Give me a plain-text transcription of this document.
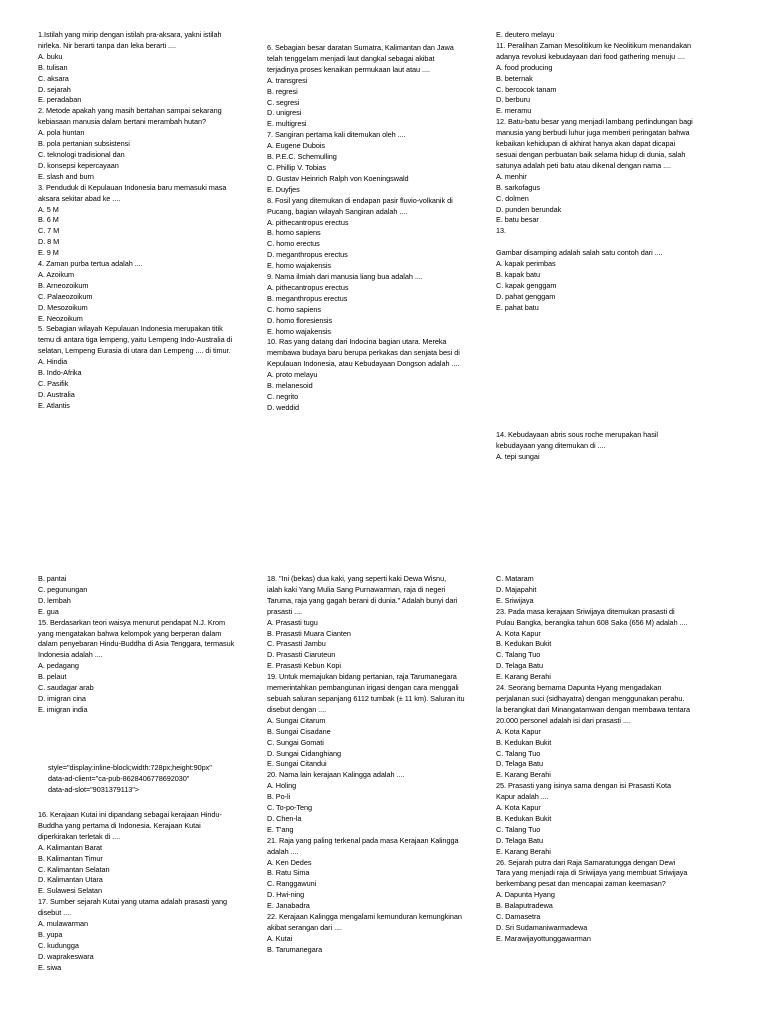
1.Istilah yang mirip dengan istilah pra-aksara, yakni istilah

nirleka. Nir berarti tanpa dan leka berarti ....

A. buku

B. tulisan

C. aksara

D. sejarah

E. peradaban

2. Metode apakah yang masih bertahan sampai sekarang

kebiasaan manusia dalam bertani merambah hutan?

A. pola huntan

B. pola pertanian subsistensi

C. teknologi tradisional dan

D. konsepsi kepercayaan

E. slash and burn

3. Penduduk di Kepulauan Indonesia baru memasuki masa

aksara sekitar abad ke ....

A. 5 M

B. 6 M

C. 7 M

D. 8 M

E. 9 M

4. Zaman purba tertua adalah ....

A. Azoikum

B. Arneozoikum

C. Palaeozoikum

D. Mesozoikum

E. Neozoikum

5. Sebagian wilayah Kepulauan Indonesia merupakan titik

temu di antara tiga lempeng, yaitu Lempeng Indo-Australia di

selatan, Lempeng Eurasia di utara dan Lempeng .... di timur.

A. Hindia

B. Indo-Afrika

C. Pasifik

D. Australia

E. Atlantis

6. Sebagian besar daratan Sumatra, Kalimantan dan Jawa

telah tenggelam menjadi laut dangkal sebagai akibat

terjadinya proses kenaikan permukaan laut atau ....

A. transgresi

B. regresi

C. segresi

D. unigresi

E. multigresi

7. Sangiran pertama kali ditemukan oleh ....

A. Eugene Dubois

B. P.E.C. Schemulling

C. Phillip V. Tobias

D. Gustav Heinrich Ralph von Koeningswald

E. Duyfjes

8. Fosil yang ditemukan di endapan pasir fluvio-volkanik di

Pucang, bagian wilayah Sangiran adalah ....

A. pithecantropus erectus

B. homo sapiens

C. homo erectus

D. meganthropus erectus

E. homo wajakensis

9. Nama ilmiah dari manusia liang bua adalah ....

A. pithecantropus erectus

B. meganthropus erectus

C. homo sapiens

D. homo floresiensis

E. homo wajakensis

10. Ras yang datang dari Indocina bagian utara. Mereka

membawa budaya baru berupa perkakas dan senjata besi di

Kepulauan Indonesia, atau Kebudayaan Dongson adalah ....

A. proto melayu

B. melanesoid

C. negrito

D. weddid

E. deutero melayu

11. Peralihan Zaman Mesolitikum ke Neolitikum menandakan

adanya revolusi kebudayaan dari food gathering menuju ....

A. food producing

B. beternak

C. bercocok tanam

D. berburu

E. meramu

12. Batu-batu besar yang menjadi lambang perlindungan bagi

manusia yang berbudi luhur juga memberi peringatan bahwa

kebaikan kehidupan di akhirat hanya akan dapat dicapai

sesuai dengan perbuatan baik selama hidup di dunia, salah

satunya adalah peti batu atau dikenal dengan nama ....

A. menhir

B. sarkofagus

C. dolmen

D. punden berundak

E. batu besar

13.

Gambar disamping adalah salah satu contoh dari ....

A. kapak perimbas

B. kapak batu

C. kapak genggam

D. pahat genggam

E. pahat batu

14. Kebudayaan abris sous roche merupakan hasil

kebudayaan yang ditemukan di ....

A. tepi sungai

B. pantai

C. pegunungan

D. lembah

E. gua

15. Berdasarkan teori waisya menurut pendapat N.J. Krom

yang mengatakan bahwa kelompok yang berperan dalam

dalam penyebaran Hindu-Buddha di Asia Tenggara, termasuk

Indonesia adalah ....

A. pedagang

B. pelaut

C. saudagar arab

D. imigran cina

E. imigran india

style="display:inline-block;width:728px;height:90px"

data-ad-client="ca-pub-8628406778692030"

data-ad-slot="9031379113">

16. Kerajaan Kutai ini dipandang sebagai kerajaan Hindu-

Buddha yang pertama di Indonesia. Kerajaan Kutai

diperkirakan terletak di ....

A. Kalimantan Barat

B. Kalimantan Timur

C. Kalimantan Selatan

D. Kalimantan Utara

E. Sulawesi Selatan

17. Sumber sejarah Kutai yang utama adalah prasasti yang

disebut ....

A. mulawarman

B. yupa

C. kudungga

D. waprakeswara

E. siwa

18. "Ini (bekas) dua kaki, yang seperti kaki Dewa Wisnu,

ialah kaki Yang Mulia Sang Purnawarman, raja di negeri

Taruma, raja yang gagah berani di dunia." Adalah bunyi dari

prasasti ....

A. Prasasti tugu

B. Prasasti Muara Cianten

C. Prasasti Jambu

D. Prasasti Ciaruteun

E. Prasasti Kebun Kopi

19. Untuk memajukan bidang pertanian, raja Tarumanegara

memerintahkan pembangunan irigasi dengan cara menggali

sebuah saluran sepanjang 6112 tumbak (± 11 km). Saluran itu

disebut dengan ....

A. Sungai Citarum

B. Sungai Cisadane

C. Sungai Gomati

D. Sungai Cidanghiang

E. Sungai Citandui

20. Nama lain kerajaan Kalingga adalah ....

A. Holing

B. Po-li

C. To-po-Teng

D. Chen-la

E. T'ang

21. Raja yang paling terkenal pada masa Kerajaan Kalingga

adalah ....

A. Ken Dedes

B. Ratu Sima

C. Ranggawuni

D. Hwi-ning

E. Janabadra

22. Kerajaan Kalingga mengalami kemunduran kemungkinan

akibat serangan dari ....

A. Kutai

B. Tarumanegara

C. Mataram

D. Majapahit

E. Sriwijaya

23. Pada masa kerajaan Sriwijaya ditemukan prasasti di

Pulau Bangka, berangka tahun 608 Saka (656 M) adalah ....

A. Kota Kapur

B. Kedukan Bukit

C. Talang Tuo

D. Telaga Batu

E. Karang Berahi

24. Seorang bernama Dapunta Hyang mengadakan

perjalanan suci (sidhayatra) dengan menggunakan perahu.

la berangkat dari Minangatamwan dengan membawa tentara

20.000 personel adalah isi dari prasasti ....

A. Kota Kapur

B. Kedukan Bukit

C. Talang Tuo

D. Telaga Batu

E. Karang Berahi

25. Prasasti yang isinya sama dengan isi Prasasti Kota

Kapur adalah ....

A. Kota Kapur

B. Kedukan Bukit

C. Talang Tuo

D. Telaga Batu

E. Karang Berahi

26. Sejarah putra dari Raja Samaratungga dengan Dewi

Tara yang menjadi raja di Sriwijaya yang membuat Sriwijaya

berkembang pesat dan mencapai zaman keemasan?

A. Dapunta Hyang

B. Balaputradewa

C. Damasetra

D. Sri Sudamaniwarmadewa

E. Marawijayottunggawarman
